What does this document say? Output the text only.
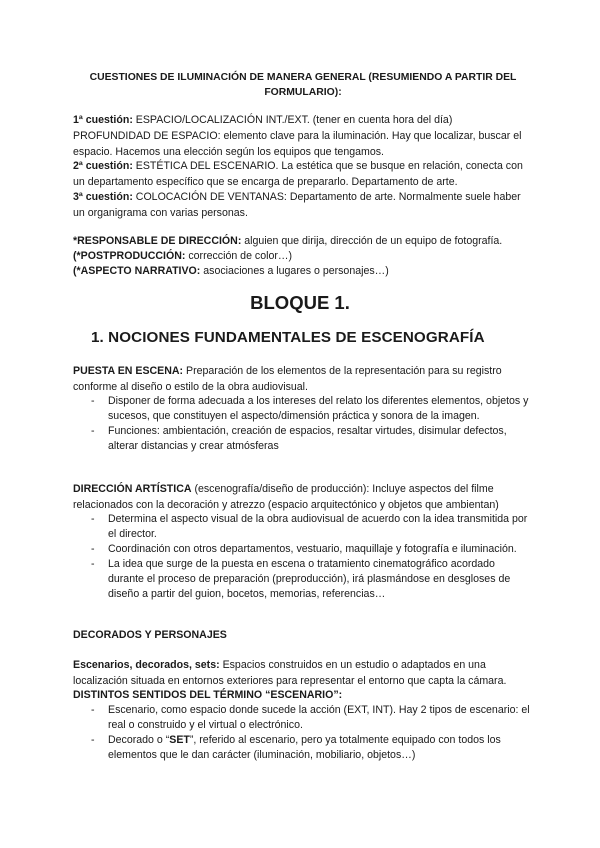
CUESTIONES DE ILUMINACIÓN DE MANERA GENERAL (RESUMIENDO A PARTIR DEL FORMULARIO):

1ª cuestión: ESPACIO/LOCALIZACIÓN INT./EXT. (tener en cuenta hora del día)

PROFUNDIDAD DE ESPACIO: elemento clave para la iluminación. Hay que localizar, buscar el espacio. Hacemos una elección según los equipos que tengamos.

2ª cuestión: ESTÉTICA DEL ESCENARIO. La estética que se busque en relación, conecta con un departamento específico que se encarga de prepararlo. Departamento de arte.

3ª cuestión: COLOCACIÓN DE VENTANAS: Departamento de arte. Normalmente suele haber un organigrama con varias personas.

*RESPONSABLE DE DIRECCIÓN: alguien que dirija, dirección de un equipo de fotografía.

(*POSTPRODUCCIÓN: corrección de color…)

(*ASPECTO NARRATIVO: asociaciones a lugares o personajes…)

BLOQUE 1.
1. NOCIONES FUNDAMENTALES DE ESCENOGRAFÍA

PUESTA EN ESCENA: Preparación de los elementos de la representación para su registro conforme al diseño o estilo de la obra audiovisual.

- Disponer de forma adecuada a los intereses del relato los diferentes elementos, objetos y sucesos, que constituyen el aspecto/dimensión práctica y sonora de la imagen.
- Funciones: ambientación, creación de espacios, resaltar virtudes, disimular defectos, alterar distancias y crear atmósferas

DIRECCIÓN ARTÍSTICA (escenografía/diseño de producción): Incluye aspectos del filme relacionados con la decoración y atrezzo (espacio arquitectónico y objetos que ambientan)

- Determina el aspecto visual de la obra audiovisual de acuerdo con la idea transmitida por el director.
- Coordinación con otros departamentos, vestuario, maquillaje y fotografía e iluminación.
- La idea que surge de la puesta en escena o tratamiento cinematográfico acordado durante el proceso de preparación (preproducción), irá plasmándose en desgloses de diseño a partir del guion, bocetos, memorias, referencias…

DECORADOS Y PERSONAJES

Escenarios, decorados, sets: Espacios construidos en un estudio o adaptados en una localización situada en entornos exteriores para representar el entorno que capta la cámara.

DISTINTOS SENTIDOS DEL TÉRMINO “ESCENARIO”:

- Escenario, como espacio donde sucede la acción (EXT, INT). Hay 2 tipos de escenario: el real o construido y el virtual o electrónico.
- Decorado o “SET”, referido al escenario, pero ya totalmente equipado con todos los elementos que le dan carácter (iluminación, mobiliario, objetos…)
